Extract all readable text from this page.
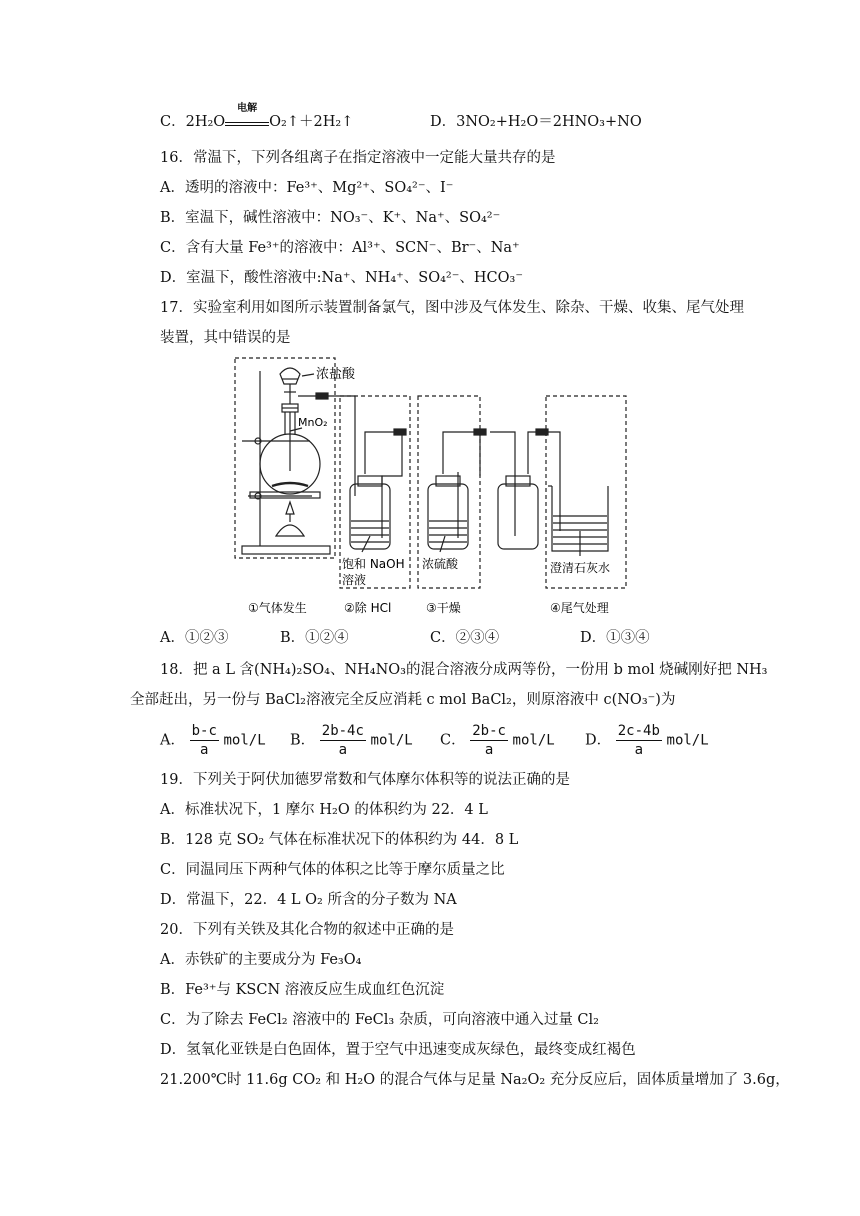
C．2H₂O
电解
O₂↑＋2H₂↑	D．3NO₂+H₂O＝2HNO₃+NO
16．常温下，下列各组离子在指定溶液中一定能大量共存的是
A．透明的溶液中：Fe³⁺、Mg²⁺、SO₄²⁻、I⁻
B．室温下，碱性溶液中：NO₃⁻、K⁺、Na⁺、SO₄²⁻
C．含有大量 Fe³⁺的溶液中：Al³⁺、SCN⁻、Br⁻、Na⁺
D．室温下，酸性溶液中:Na⁺、NH₄⁺、SO₄²⁻、HCO₃⁻
17．实验室利用如图所示装置制备氯气，图中涉及气体发生、除杂、干燥、收集、尾气处理
装置，其中错误的是
浓盐酸
MnO₂
饱和 NaOH
溶液
浓硫酸	澄清石灰水
①气体发生	②除 HCl	③干燥	④尾气处理
A．①②③	B．①②④	C．②③④	D．①③④
18．把 a L 含(NH₄)₂SO₄、NH₄NO₃的混合溶液分成两等份，一份用 b mol 烧碱刚好把 NH₃
全部赶出，另一份与 BaCl₂溶液完全反应消耗 c mol BaCl₂，则原溶液中 c(NO₃⁻)为
A． $\frac{b-c}{a} mol/L$ B． $\frac{2b-4c}{a} mol/L$ C． $\frac{2b-c}{a} mol/L$ D． $\frac{2c-4b}{a} mol/L$
19．下列关于阿伏加德罗常数和气体摩尔体积等的说法正确的是
A．标准状况下，1 摩尔 H₂O 的体积约为 22．4 L
B．128 克 SO₂ 气体在标准状况下的体积约为 44．8 L
C．同温同压下两种气体的体积之比等于摩尔质量之比
D．常温下，22．4 L O₂ 所含的分子数为 NA
20．下列有关铁及其化合物的叙述中正确的是
A．赤铁矿的主要成分为 Fe₃O₄
B．Fe³⁺与 KSCN 溶液反应生成血红色沉淀
C．为了除去 FeCl₂ 溶液中的 FeCl₃ 杂质，可向溶液中通入过量 Cl₂
D．氢氧化亚铁是白色固体，置于空气中迅速变成灰绿色，最终变成红褐色
21.200℃时 11.6g CO₂ 和 H₂O 的混合气体与足量 Na₂O₂ 充分反应后，固体质量增加了 3.6g，
